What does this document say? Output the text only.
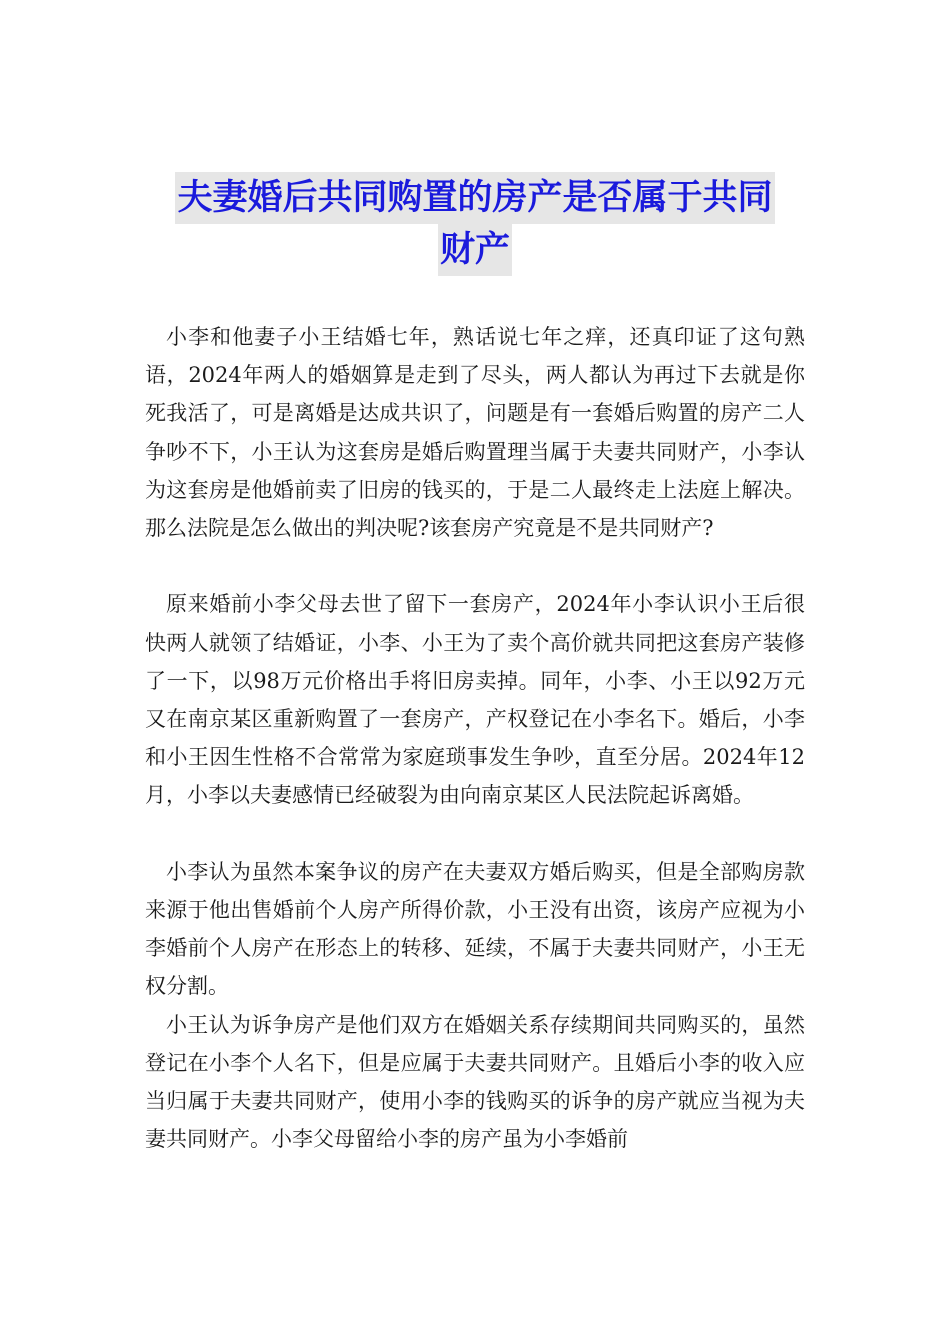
夫妻婚后共同购置的房产是否属于共同
财产

小李和他妻子小王结婚七年，熟话说七年之痒，还真印证了这句熟语，2024年两人的婚姻算是走到了尽头，两人都认为再过下去就是你死我活了，可是离婚是达成共识了，问题是有一套婚后购置的房产二人争吵不下，小王认为这套房是婚后购置理当属于夫妻共同财产，小李认为这套房是他婚前卖了旧房的钱买的，于是二人最终走上法庭上解决。那么法院是怎么做出的判决呢?该套房产究竟是不是共同财产?

原来婚前小李父母去世了留下一套房产，2024年小李认识小王后很快两人就领了结婚证，小李、小王为了卖个高价就共同把这套房产装修了一下，以98万元价格出手将旧房卖掉。同年，小李、小王以92万元又在南京某区重新购置了一套房产，产权登记在小李名下。婚后，小李和小王因生性格不合常常为家庭琐事发生争吵，直至分居。2024年12月，小李以夫妻感情已经破裂为由向南京某区人民法院起诉离婚。

小李认为虽然本案争议的房产在夫妻双方婚后购买，但是全部购房款来源于他出售婚前个人房产所得价款，小王没有出资，该房产应视为小李婚前个人房产在形态上的转移、延续，不属于夫妻共同财产，小王无权分割。

小王认为诉争房产是他们双方在婚姻关系存续期间共同购买的，虽然登记在小李个人名下，但是应属于夫妻共同财产。且婚后小李的收入应当归属于夫妻共同财产，使用小李的钱购买的诉争的房产就应当视为夫妻共同财产。小李父母留给小李的房产虽为小李婚前
